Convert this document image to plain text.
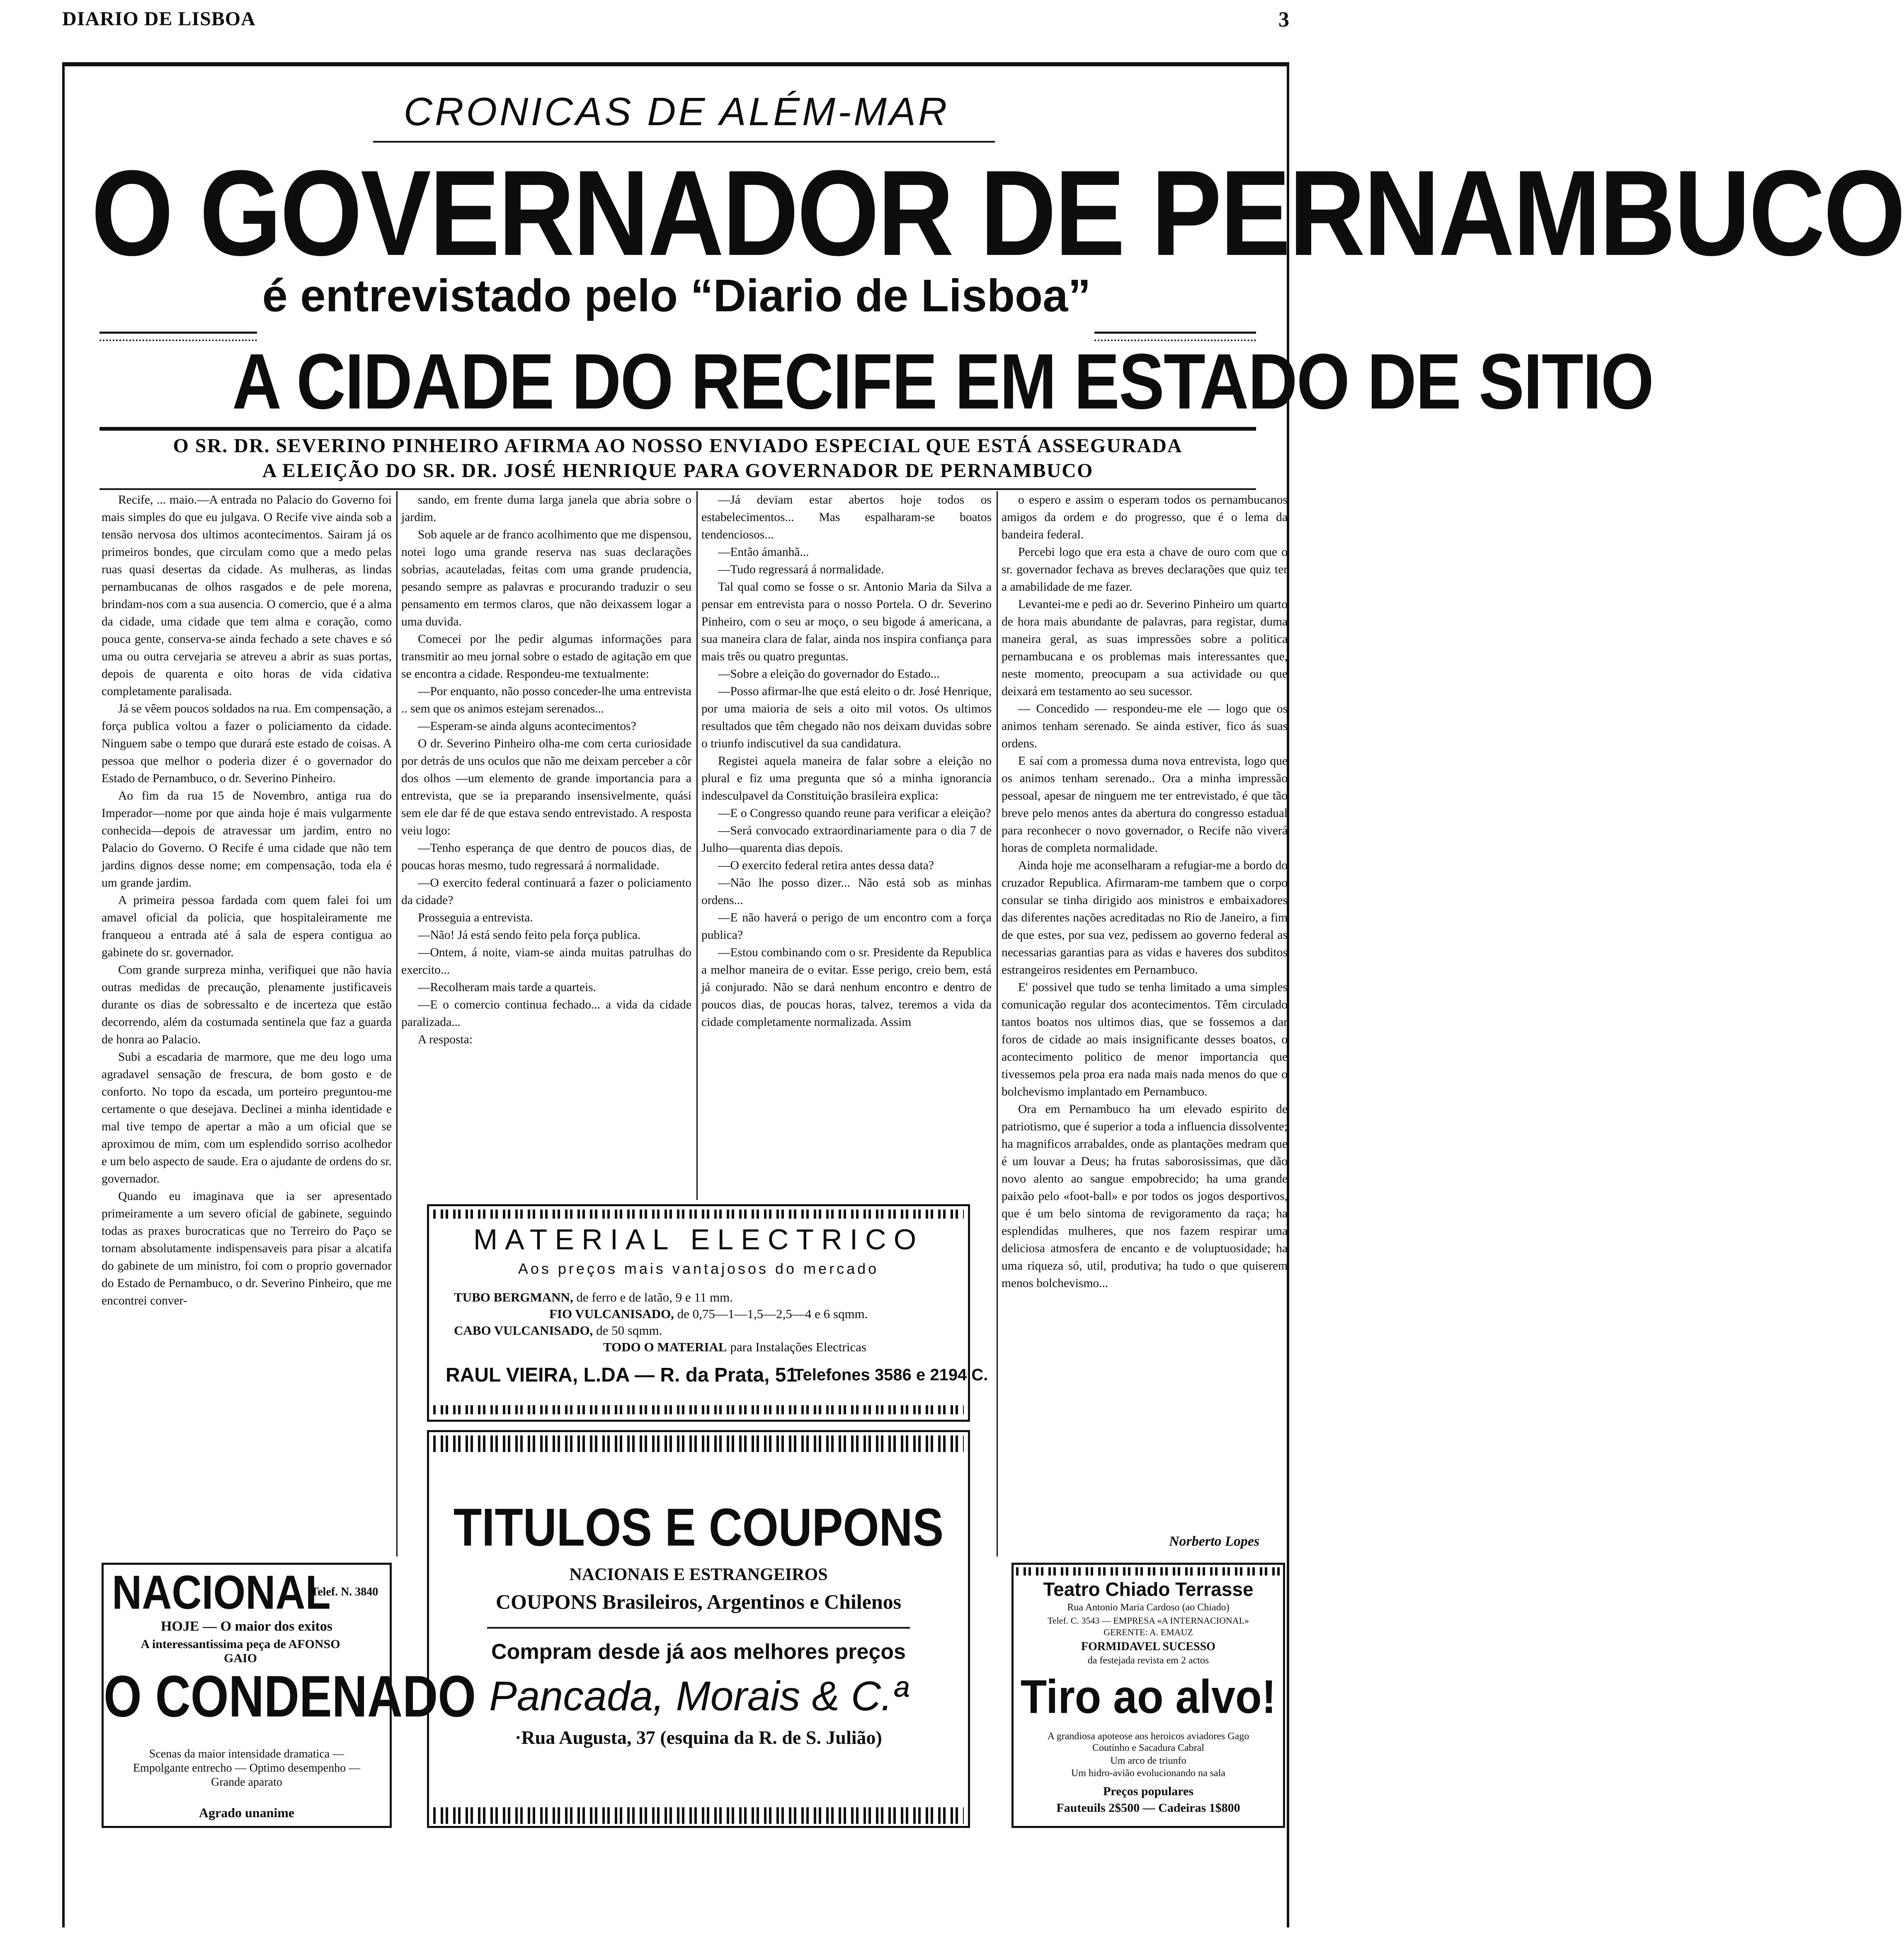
DIARIO DE LISBOA	3
CRONICAS DE ALÉM-MAR
O GOVERNADOR DE PERNAMBUCO
é entrevistado pelo “Diario de Lisboa”
A CIDADE DO RECIFE EM ESTADO DE SITIO
O SR. DR. SEVERINO PINHEIRO AFIRMA AO NOSSO ENVIADO ESPECIAL QUE ESTÁ ASSEGURADA
A ELEIÇÃO DO SR. DR. JOSÉ HENRIQUE PARA GOVERNADOR DE PERNAMBUCO

Recife, ... maio.—A entrada no Palacio do Governo foi mais simples do que eu julgava. O Recife vive ainda sob a tensão nervosa dos ultimos acontecimentos. Sairam já os primeiros bondes, que circulam como que a medo pelas ruas quasi desertas da cidade. As mulheras, as lindas pernambucanas de olhos rasgados e de pele morena, brindam-nos com a sua ausencia. O comercio, que é a alma da cidade, uma cidade que tem alma e coração, como pouca gente, conserva-se ainda fechado a sete chaves e só uma ou outra cervejaria se atreveu a abrir as suas portas, depois de quarenta e oito horas de vida cidativa completamente paralisada.

Já se vêem poucos soldados na rua. Em compensação, a força publica voltou a fazer o policiamento da cidade. Ninguem sabe o tempo que durará este estado de coisas. A pessoa que melhor o poderia dizer é o governador do Estado de Pernambuco, o dr. Severino Pinheiro.

Ao fim da rua 15 de Novembro, antiga rua do Imperador—nome por que ainda hoje é mais vulgarmente conhecida—depois de atravessar um jardim, entro no Palacio do Governo. O Recife é uma cidade que não tem jardins dignos desse nome; em compensação, toda ela é um grande jardim.

A primeira pessoa fardada com quem falei foi um amavel oficial da policia, que hospitaleiramente me franqueou a entrada até á sala de espera contigua ao gabinete do sr. governador.

Com grande surpreza minha, verifiquei que não havia outras medidas de precaução, plenamente justificaveis durante os dias de sobressalto e de incerteza que estão decorrendo, além da costumada sentinela que faz a guarda de honra ao Palacio.

Subi a escadaria de marmore, que me deu logo uma agradavel sensação de frescura, de bom gosto e de conforto. No topo da escada, um porteiro preguntou-me certamente o que desejava. Declinei a minha identidade e mal tive tempo de apertar a mão a um oficial que se aproximou de mim, com um esplendido sorriso acolhedor e um belo aspecto de saude. Era o ajudante de ordens do sr. governador.

Quando eu imaginava que ia ser apresentado primeiramente a um severo oficial de gabinete, seguindo todas as praxes burocraticas que no Terreiro do Paço se tornam absolutamente indispensaveis para pisar a alcatifa do gabinete de um ministro, foi com o proprio governador do Estado de Pernambuco, o dr. Severino Pinheiro, que me encontrei conver-

sando, em frente duma larga janela que abria sobre o jardim.

Sob aquele ar de franco acolhimento que me dispensou, notei logo uma grande reserva nas suas declarações sobrias, acauteladas, feitas com uma grande prudencia, pesando sempre as palavras e procurando traduzir o seu pensamento em termos claros, que não deixassem logar a uma duvida.

Comecei por lhe pedir algumas informações para transmitir ao meu jornal sobre o estado de agitação em que se encontra a cidade. Respondeu-me textualmente:

—Por enquanto, não posso conceder-lhe uma entrevista .. sem que os animos estejam serenados...

—Esperam-se ainda alguns acontecimentos?

O dr. Severino Pinheiro olha-me com certa curiosidade por detrás de uns oculos que não me deixam perceber a côr dos olhos —um elemento de grande importancia para a entrevista, que se ia preparando insensivelmente, quási sem ele dar fé de que estava sendo entrevistado. A resposta veiu logo:

—Tenho esperança de que dentro de poucos dias, de poucas horas mesmo, tudo regressará á normalidade.

—O exercito federal continuará a fazer o policiamento da cidade?

Prosseguia a entrevista.

—Não! Já está sendo feito pela força publica.

—Ontem, á noite, viam-se ainda muitas patrulhas do exercito...

—Recolheram mais tarde a quarteis.

—E o comercio continua fechado... a vida da cidade paralizada...

A resposta:

—Já deviam estar abertos hoje todos os estabelecimentos... Mas espalharam-se boatos tendenciosos...

—Então ámanhã...

—Tudo regressará á normalidade.

Tal qual como se fosse o sr. Antonio Maria da Silva a pensar em entrevista para o nosso Portela. O dr. Severino Pinheiro, com o seu ar moço, o seu bigode á americana, a sua maneira clara de falar, ainda nos inspira confiança para mais três ou quatro preguntas.

—Sobre a eleição do governador do Estado...

—Posso afirmar-lhe que está eleito o dr. José Henrique, por uma maioria de seis a oito mil votos. Os ultimos resultados que têm chegado não nos deixam duvidas sobre o triunfo indiscutivel da sua candidatura.

Registei aquela maneira de falar sobre a eleição no plural e fiz uma pregunta que só a minha ignorancia indesculpavel da Constituição brasileira explica:

—E o Congresso quando reune para verificar a eleição?

—Será convocado extraordinariamente para o dia 7 de Julho—quarenta dias depois.

—O exercito federal retira antes dessa data?

—Não lhe posso dizer... Não está sob as minhas ordens...

—E não haverá o perigo de um encontro com a força publica?

—Estou combinando com o sr. Presidente da Republica a melhor maneira de o evitar. Esse perigo, creio bem, está já conjurado. Não se dará nenhum encontro e dentro de poucos dias, de poucas horas, talvez, teremos a vida da cidade completamente normalizada. Assim

o espero e assim o esperam todos os pernambucanos amigos da ordem e do progresso, que é o lema da bandeira federal.

Percebi logo que era esta a chave de ouro com que o sr. governador fechava as breves declarações que quiz ter a amabilidade de me fazer.

Levantei-me e pedi ao dr. Severino Pinheiro um quarto de hora mais abundante de palavras, para registar, duma maneira geral, as suas impressões sobre a politica pernambucana e os problemas mais interessantes que, neste momento, preocupam a sua actividade ou que deixará em testamento ao seu sucessor.

— Concedido — respondeu-me ele — logo que os animos tenham serenado. Se ainda estiver, fico ás suas ordens.

E saí com a promessa duma nova entrevista, logo que os animos tenham serenado.. Ora a minha impressão pessoal, apesar de ninguem me ter entrevistado, é que tão breve pelo menos antes da abertura do congresso estadual para reconhecer o novo governador, o Recife não viverá horas de completa normalidade.

Ainda hoje me aconselharam a refugiar-me a bordo do cruzador Republica. Afirmaram-me tambem que o corpo consular se tinha dirigido aos ministros e embaixadores das diferentes nações acreditadas no Rio de Janeiro, a fim de que estes, por sua vez, pedissem ao governo federal as necessarias garantias para as vidas e haveres dos subditos estrangeiros residentes em Pernambuco.

E' possivel que tudo se tenha limitado a uma simples comunicação regular dos acontecimentos. Têm circulado tantos boatos nos ultimos dias, que se fossemos a dar foros de cidade ao mais insignificante desses boatos, o acontecimento politico de menor importancia que tivessemos pela proa era nada mais nada menos do que o bolchevismo implantado em Pernambuco.

Ora em Pernambuco ha um elevado espirito de patriotismo, que é superior a toda a influencia dissolvente; ha magnificos arrabaldes, onde as plantações medram que é um louvar a Deus; ha frutas saborosissimas, que dão novo alento ao sangue empobrecido; ha uma grande paixão pelo «foot-ball» e por todos os jogos desportivos, que é um belo sintoma de revigoramento da raça; ha esplendidas mulheres, que nos fazem respirar uma deliciosa atmosfera de encanto e de voluptuosidade; ha uma riqueza só, util, produtiva; ha tudo o que quiserem menos bolchevismo...

Norberto Lopes
MATERIAL ELECTRICO
Aos preços mais vantajosos do mercado
TUBO BERGMANN, de ferro e de latão, 9 e 11 mm.
FIO VULCANISADO, de 0,75—1—1,5—2,5—4 e 6 sqmm.
CABO VULCANISADO, de 50 sqmm.
TODO O MATERIAL para Instalações Electricas
RAUL VIEIRA, L.DA — R. da Prata, 51
Telefones 3586 e 2194 C.
TITULOS E COUPONS
NACIONAIS E ESTRANGEIROS
COUPONS Brasileiros, Argentinos e Chilenos
Compram desde já aos melhores preços
Pancada, Morais & C.ª
·Rua Augusta, 37 (esquina da R. de S. Julião)
NACIONAL
Telef. N. 3840
HOJE — O maior dos exitos
A interessantissima peça de AFONSO GAIO
O CONDENADO
Scenas da maior intensidade dramatica — Empolgante entrecho — Optimo desempenho — Grande aparato
Agrado unanime
Teatro Chiado Terrasse
Rua Antonio Maria Cardoso (ao Chiado)
Telef. C. 3543 — EMPRESA «A INTERNACIONAL»
GERENTE: A. EMAUZ
FORMIDAVEL SUCESSO
da festejada revista em 2 actos
Tiro ao alvo!
A grandiosa apoteose aos heroicos aviadores Gago Coutinho e Sacadura Cabral
Um arco de triunfo
Um hidro-avião evolucionando na sala
Preços populares
Fauteuils 2$500 — Cadeiras 1$800
